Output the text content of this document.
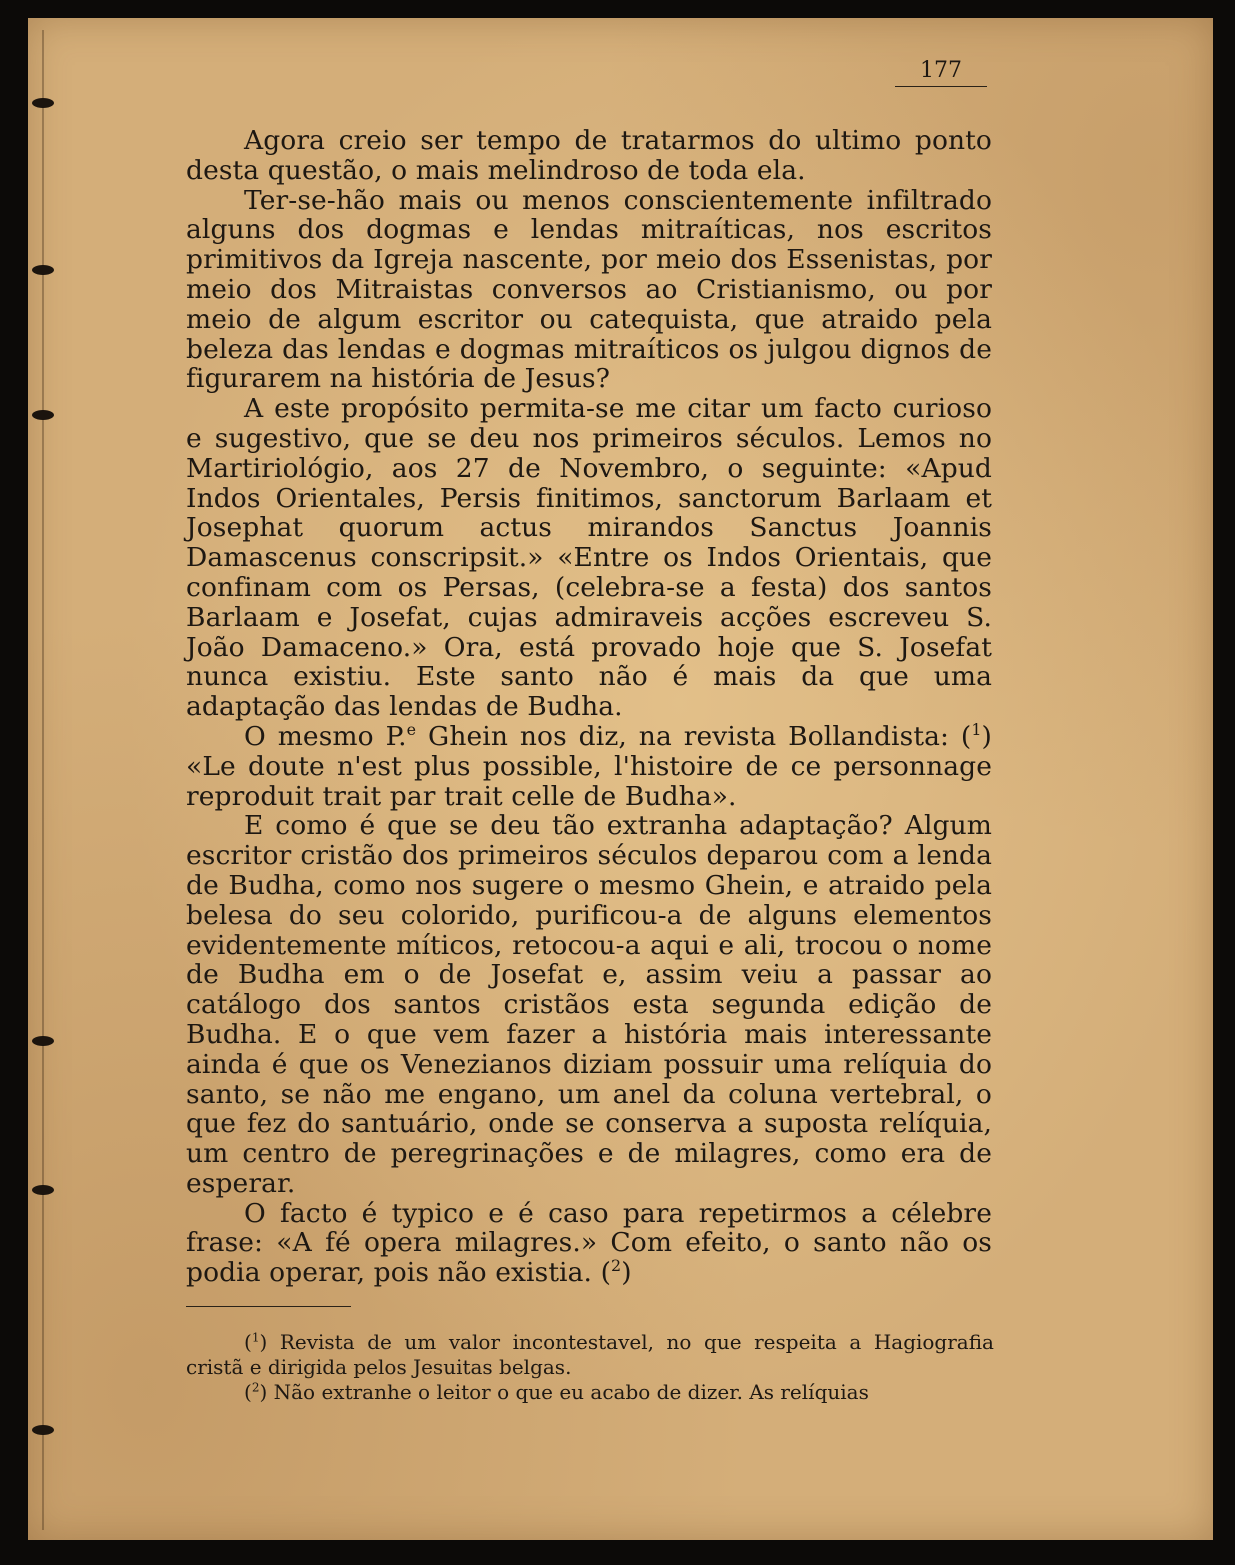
177

Agora creio ser tempo de tratarmos do ultimo ponto desta questão, o mais melindroso de toda ela.

Ter-se-hão mais ou menos conscientemente infiltrado alguns dos dogmas e lendas mitraíticas, nos escritos primitivos da Igreja nascente, por meio dos Essenistas, por meio dos Mitraistas conversos ao Cristianismo, ou por meio de algum escritor ou catequista, que atraido pela beleza das lendas e dogmas mitraíticos os julgou dignos de figurarem na história de Jesus?

A este propósito permita-se me citar um facto curioso e sugestivo, que se deu nos primeiros séculos. Lemos no Martiriológio, aos 27 de Novembro, o seguinte: «Apud Indos Orientales, Persis finitimos, sanctorum Barlaam et Josephat quorum actus mirandos Sanctus Joannis Damascenus conscripsit.» «Entre os Indos Orientais, que confinam com os Persas, (celebra-se a festa) dos santos Barlaam e Josefat, cujas admiraveis acções escreveu S. João Damaceno.» Ora, está provado hoje que S. Josefat nunca existiu. Este santo não é mais da que uma adaptação das lendas de Budha.

O mesmo P.$^e$ Ghein nos diz, na revista Bollandista: ($^1$) «Le doute n'est plus possible, l'histoire de ce personnage reproduit trait par trait celle de Budha».

E como é que se deu tão extranha adaptação? Algum escritor cristão dos primeiros séculos deparou com a lenda de Budha, como nos sugere o mesmo Ghein, e atraido pela belesa do seu colorido, purificou-a de alguns elementos evidentemente míticos, retocou-a aqui e ali, trocou o nome de Budha em o de Josefat e, assim veiu a passar ao catálogo dos santos cristãos esta segunda edição de Budha. E o que vem fazer a história mais interessante ainda é que os Venezianos diziam possuir uma relíquia do santo, se não me engano, um anel da coluna vertebral, o que fez do santuário, onde se conserva a suposta relíquia, um centro de peregrinações e de milagres, como era de esperar.

O facto é typico e é caso para repetirmos a célebre frase: «A fé opera milagres.» Com efeito, o santo não os podia operar, pois não existia. ($^2$)

($^1$) Revista de um valor incontestavel, no que respeita a Hagiografia cristã e dirigida pelos Jesuitas belgas.

($^2$) Não extranhe o leitor o que eu acabo de dizer. As relíquias
